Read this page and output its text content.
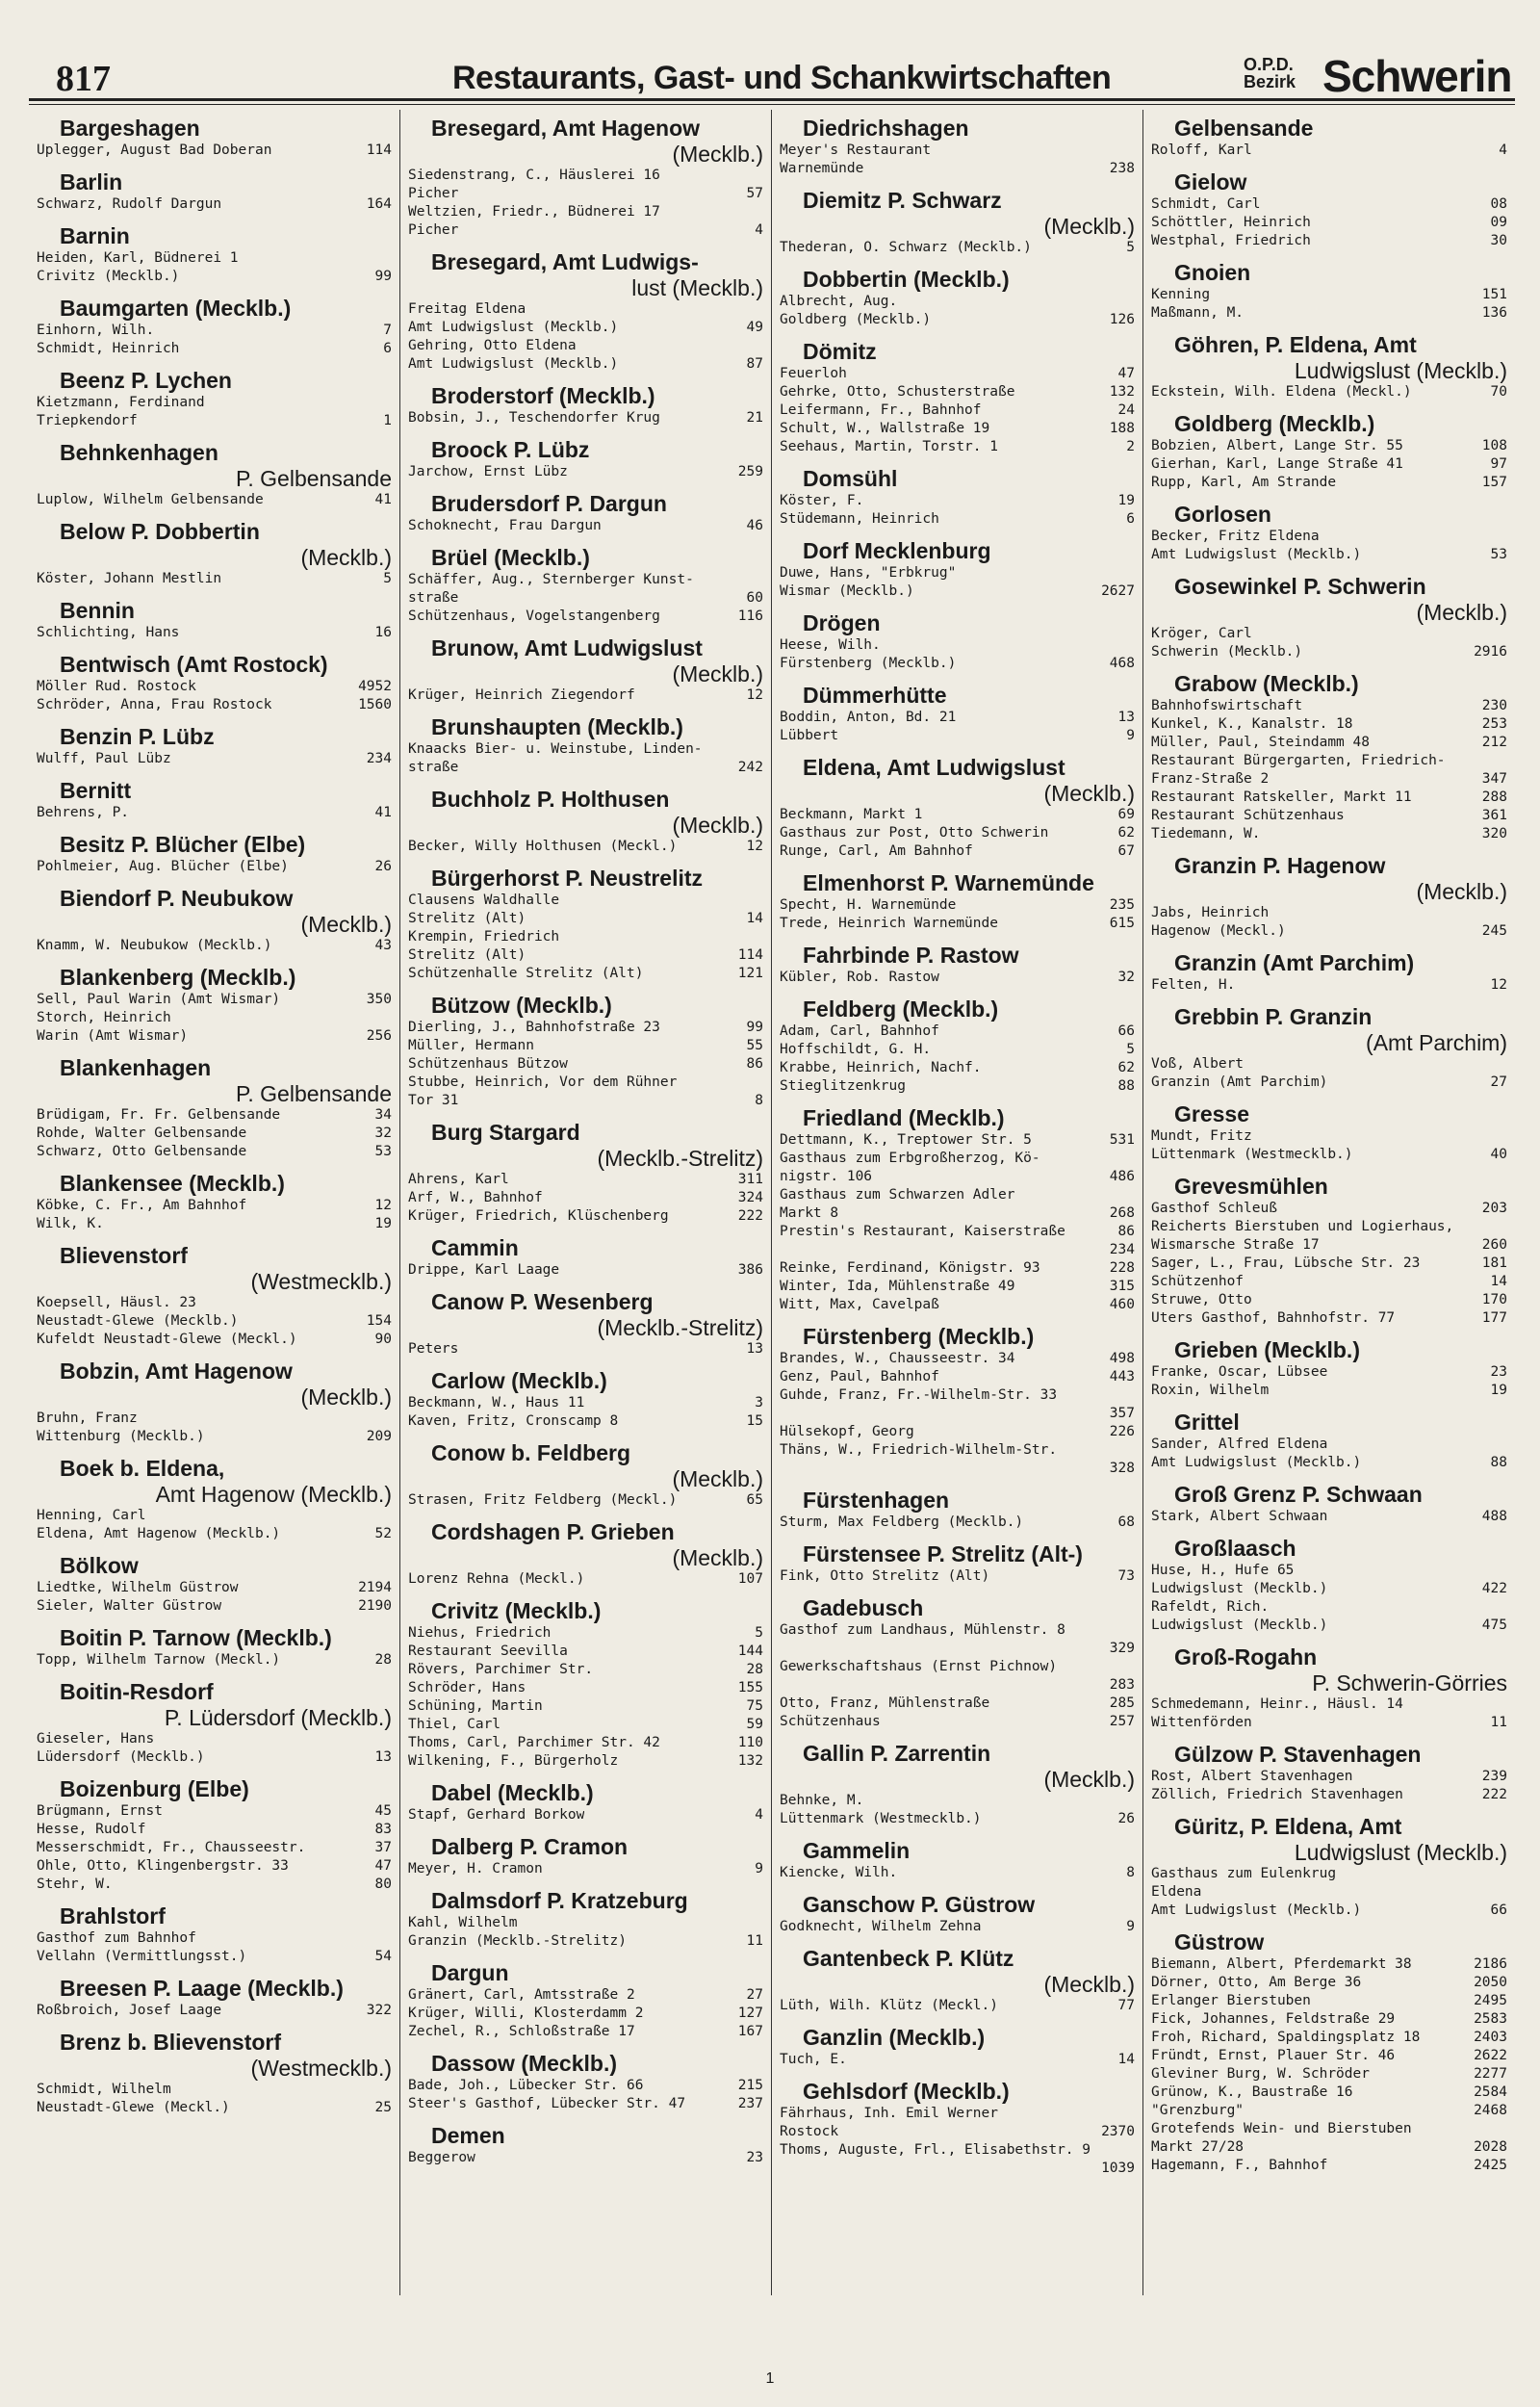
817	Restaurants, Gast- und Schankwirtschaften	O.P.D.
Bezirk Schwerin
Bargeshagen
Uplegger, August Bad Doberan	114
Barlin
Schwarz, Rudolf Dargun	164
Barnin
Heiden, Karl, Büdnerei 1
Crivitz (Mecklb.)	99
Baumgarten (Mecklb.)
Einhorn, Wilh.	7
Schmidt, Heinrich	6
Beenz P. Lychen
Kietzmann, Ferdinand
Triepkendorf	1
Behnkenhagen
P. Gelbensande
Luplow, Wilhelm Gelbensande	41
Below P. Dobbertin
(Mecklb.)
Köster, Johann Mestlin	5
Bennin
Schlichting, Hans	16
Bentwisch (Amt Rostock)
Möller Rud. Rostock	4952
Schröder, Anna, Frau Rostock	1560
Benzin P. Lübz
Wulff, Paul Lübz	234
Bernitt
Behrens, P.	41
Besitz P. Blücher (Elbe)
Pohlmeier, Aug. Blücher (Elbe)	26
Biendorf P. Neubukow
(Mecklb.)
Knamm, W. Neubukow (Mecklb.)	43
Blankenberg (Mecklb.)
Sell, Paul Warin (Amt Wismar)	350
Storch, Heinrich
Warin (Amt Wismar)	256
Blankenhagen
P. Gelbensande
Brüdigam, Fr. Fr. Gelbensande	34
Rohde, Walter Gelbensande	32
Schwarz, Otto Gelbensande	53
Blankensee (Mecklb.)
Köbke, C. Fr., Am Bahnhof	12
Wilk, K.	19
Blievenstorf
(Westmecklb.)
Koepsell, Häusl. 23
Neustadt-Glewe (Mecklb.)	154
Kufeldt Neustadt-Glewe (Meckl.)	90
Bobzin, Amt Hagenow
(Mecklb.)
Bruhn, Franz
Wittenburg (Mecklb.)	209
Boek b. Eldena,
Amt Hagenow (Mecklb.)
Henning, Carl
Eldena, Amt Hagenow (Mecklb.)	52
Bölkow
Liedtke, Wilhelm Güstrow	2194
Sieler, Walter Güstrow	2190
Boitin P. Tarnow (Mecklb.)
Topp, Wilhelm Tarnow (Meckl.)	28
Boitin-Resdorf
P. Lüdersdorf (Mecklb.)
Gieseler, Hans
Lüdersdorf (Mecklb.)	13
Boizenburg (Elbe)
Brügmann, Ernst	45
Hesse, Rudolf	83
Messerschmidt, Fr., Chausseestr.	37
Ohle, Otto, Klingenbergstr. 33	47
Stehr, W.	80
Brahlstorf
Gasthof zum Bahnhof
Vellahn (Vermittlungsst.)	54
Breesen P. Laage (Mecklb.)
Roßbroich, Josef Laage	322
Brenz b. Blievenstorf
(Westmecklb.)
Schmidt, Wilhelm
Neustadt-Glewe (Meckl.)	25
Bresegard, Amt Hagenow
(Mecklb.)
Siedenstrang, C., Häuslerei 16
Picher	57
Weltzien, Friedr., Büdnerei 17
Picher	4
Bresegard, Amt Ludwigs-
lust (Mecklb.)
Freitag Eldena
Amt Ludwigslust (Mecklb.)	49
Gehring, Otto Eldena
Amt Ludwigslust (Mecklb.)	87
Broderstorf (Mecklb.)
Bobsin, J., Teschendorfer Krug	21
Broock P. Lübz
Jarchow, Ernst Lübz	259
Brudersdorf P. Dargun
Schoknecht, Frau Dargun	46
Brüel (Mecklb.)
Schäffer, Aug., Sternberger Kunst-
straße	60
Schützenhaus, Vogelstangenberg	116
Brunow, Amt Ludwigslust
(Mecklb.)
Krüger, Heinrich Ziegendorf	12
Brunshaupten (Mecklb.)
Knaacks Bier- u. Weinstube, Linden-
straße	242
Buchholz P. Holthusen
(Mecklb.)
Becker, Willy Holthusen (Meckl.)	12
Bürgerhorst P. Neustrelitz
Clausens Waldhalle
Strelitz (Alt)	14
Krempin, Friedrich
Strelitz (Alt)	114
Schützenhalle Strelitz (Alt)	121
Bützow (Mecklb.)
Dierling, J., Bahnhofstraße 23	99
Müller, Hermann	55
Schützenhaus Bützow	86
Stubbe, Heinrich, Vor dem Rühner
Tor 31	8
Burg Stargard
(Mecklb.-Strelitz)
Ahrens, Karl	311
Arf, W., Bahnhof	324
Krüger, Friedrich, Klüschenberg	222
Cammin
Drippe, Karl Laage	386
Canow P. Wesenberg
(Mecklb.-Strelitz)
Peters	13
Carlow (Mecklb.)
Beckmann, W., Haus 11	3
Kaven, Fritz, Cronscamp 8	15
Conow b. Feldberg
(Mecklb.)
Strasen, Fritz Feldberg (Meckl.)	65
Cordshagen P. Grieben
(Mecklb.)
Lorenz Rehna (Meckl.)	107
Crivitz (Mecklb.)
Niehus, Friedrich	5
Restaurant Seevilla	144
Rövers, Parchimer Str.	28
Schröder, Hans	155
Schüning, Martin	75
Thiel, Carl	59
Thoms, Carl, Parchimer Str. 42	110
Wilkening, F., Bürgerholz	132
Dabel (Mecklb.)
Stapf, Gerhard Borkow	4
Dalberg P. Cramon
Meyer, H. Cramon	9
Dalmsdorf P. Kratzeburg
Kahl, Wilhelm
Granzin (Mecklb.-Strelitz)	11
Dargun
Gränert, Carl, Amtsstraße 2	27
Krüger, Willi, Klosterdamm 2	127
Zechel, R., Schloßstraße 17	167
Dassow (Mecklb.)
Bade, Joh., Lübecker Str. 66	215
Steer's Gasthof, Lübecker Str. 47	237
Demen
Beggerow	23
Diedrichshagen
Meyer's Restaurant
Warnemünde	238
Diemitz P. Schwarz
(Mecklb.)
Thederan, O. Schwarz (Mecklb.)	5
Dobbertin (Mecklb.)
Albrecht, Aug.
Goldberg (Mecklb.)	126
Dömitz
Feuerloh	47
Gehrke, Otto, Schusterstraße	132
Leifermann, Fr., Bahnhof	24
Schult, W., Wallstraße 19	188
Seehaus, Martin, Torstr. 1	2
Domsühl
Köster, F.	19
Stüdemann, Heinrich	6
Dorf Mecklenburg
Duwe, Hans, "Erbkrug"
Wismar (Mecklb.)	2627
Drögen
Heese, Wilh.
Fürstenberg (Mecklb.)	468
Dümmerhütte
Boddin, Anton, Bd. 21	13
Lübbert	9
Eldena, Amt Ludwigslust
(Mecklb.)
Beckmann, Markt 1	69
Gasthaus zur Post, Otto Schwerin	62
Runge, Carl, Am Bahnhof	67
Elmenhorst P. Warnemünde
Specht, H. Warnemünde	235
Trede, Heinrich Warnemünde	615
Fahrbinde P. Rastow
Kübler, Rob. Rastow	32
Feldberg (Mecklb.)
Adam, Carl, Bahnhof	66
Hoffschildt, G. H.	5
Krabbe, Heinrich, Nachf.	62
Stieglitzenkrug	88
Friedland (Mecklb.)
Dettmann, K., Treptower Str. 5	531
Gasthaus zum Erbgroßherzog, Kö-
nigstr. 106	486
Gasthaus zum Schwarzen Adler
Markt 8	268
Prestin's Restaurant, Kaiserstraße	86
234
Reinke, Ferdinand, Königstr. 93	228
Winter, Ida, Mühlenstraße 49	315
Witt, Max, Cavelpaß	460
Fürstenberg (Mecklb.)
Brandes, W., Chausseestr. 34	498
Genz, Paul, Bahnhof	443
Guhde, Franz, Fr.-Wilhelm-Str. 33
357
Hülsekopf, Georg	226
Thäns, W., Friedrich-Wilhelm-Str.
328
Fürstenhagen
Sturm, Max Feldberg (Mecklb.)	68
Fürstensee P. Strelitz (Alt-)
Fink, Otto Strelitz (Alt)	73
Gadebusch
Gasthof zum Landhaus, Mühlenstr. 8
329
Gewerkschaftshaus (Ernst Pichnow)
283
Otto, Franz, Mühlenstraße	285
Schützenhaus	257
Gallin P. Zarrentin
(Mecklb.)
Behnke, M.
Lüttenmark (Westmecklb.)	26
Gammelin
Kiencke, Wilh.	8
Ganschow P. Güstrow
Godknecht, Wilhelm Zehna	9
Gantenbeck P. Klütz
(Mecklb.)
Lüth, Wilh. Klütz (Meckl.)	77
Ganzlin (Mecklb.)
Tuch, E.	14
Gehlsdorf (Mecklb.)
Fährhaus, Inh. Emil Werner
Rostock	2370
Thoms, Auguste, Frl., Elisabethstr. 9
1039
Gelbensande
Roloff, Karl	4
Gielow
Schmidt, Carl	08
Schöttler, Heinrich	09
Westphal, Friedrich	30
Gnoien
Kenning	151
Maßmann, M.	136
Göhren, P. Eldena, Amt
Ludwigslust (Mecklb.)
Eckstein, Wilh. Eldena (Meckl.)	70
Goldberg (Mecklb.)
Bobzien, Albert, Lange Str. 55	108
Gierhan, Karl, Lange Straße 41	97
Rupp, Karl, Am Strande	157
Gorlosen
Becker, Fritz Eldena
Amt Ludwigslust (Mecklb.)	53
Gosewinkel P. Schwerin
(Mecklb.)
Kröger, Carl
Schwerin (Mecklb.)	2916
Grabow (Mecklb.)
Bahnhofswirtschaft	230
Kunkel, K., Kanalstr. 18	253
Müller, Paul, Steindamm 48	212
Restaurant Bürgergarten, Friedrich-
Franz-Straße 2	347
Restaurant Ratskeller, Markt 11	288
Restaurant Schützenhaus	361
Tiedemann, W.	320
Granzin P. Hagenow
(Mecklb.)
Jabs, Heinrich
Hagenow (Meckl.)	245
Granzin (Amt Parchim)
Felten, H.	12
Grebbin P. Granzin
(Amt Parchim)
Voß, Albert
Granzin (Amt Parchim)	27
Gresse
Mundt, Fritz
Lüttenmark (Westmecklb.)	40
Grevesmühlen
Gasthof Schleuß	203
Reicherts Bierstuben und Logierhaus,
Wismarsche Straße 17	260
Sager, L., Frau, Lübsche Str. 23	181
Schützenhof	14
Struwe, Otto	170
Uters Gasthof, Bahnhofstr. 77	177
Grieben (Mecklb.)
Franke, Oscar, Lübsee	23
Roxin, Wilhelm	19
Grittel
Sander, Alfred Eldena
Amt Ludwigslust (Mecklb.)	88
Groß Grenz P. Schwaan
Stark, Albert Schwaan	488
Großlaasch
Huse, H., Hufe 65
Ludwigslust (Mecklb.)	422
Rafeldt, Rich.
Ludwigslust (Mecklb.)	475
Groß-Rogahn
P. Schwerin-Görries
Schmedemann, Heinr., Häusl. 14
Wittenförden	11
Gülzow P. Stavenhagen
Rost, Albert Stavenhagen	239
Zöllich, Friedrich Stavenhagen	222
Güritz, P. Eldena, Amt
Ludwigslust (Mecklb.)
Gasthaus zum Eulenkrug
Eldena
Amt Ludwigslust (Mecklb.)	66
Güstrow
Biemann, Albert, Pferdemarkt 38	2186
Dörner, Otto, Am Berge 36	2050
Erlanger Bierstuben	2495
Fick, Johannes, Feldstraße 29	2583
Froh, Richard, Spaldingsplatz 18	2403
Fründt, Ernst, Plauer Str. 46	2622
Gleviner Burg, W. Schröder	2277
Grünow, K., Baustraße 16	2584
"Grenzburg"	2468
Grotefends Wein- und Bierstuben
Markt 27/28	2028
Hagemann, F., Bahnhof	2425
1
